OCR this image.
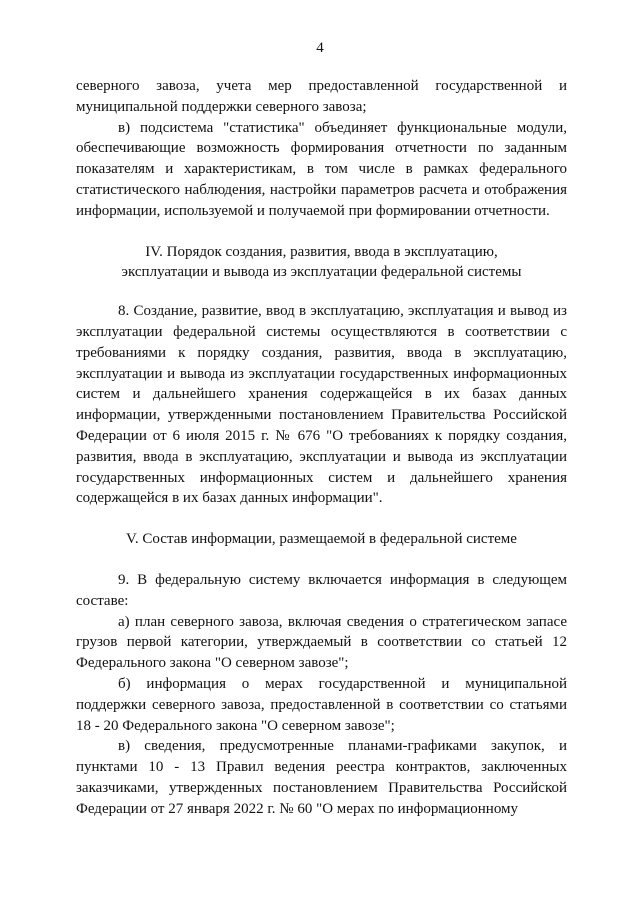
4

северного завоза, учета мер предоставленной государственной и муниципальной поддержки северного завоза;

в) подсистема "статистика" объединяет функциональные модули, обеспечивающие возможность формирования отчетности по заданным показателям и характеристикам, в том числе в рамках федерального статистического наблюдения, настройки параметров расчета и отображения информации, используемой и получаемой при формировании отчетности.

IV. Порядок создания, развития, ввода в эксплуатацию,
эксплуатации и вывода из эксплуатации федеральной системы

8. Создание, развитие, ввод в эксплуатацию, эксплуатация и вывод из эксплуатации федеральной системы осуществляются в соответствии с требованиями к порядку создания, развития, ввода в эксплуатацию, эксплуатации и вывода из эксплуатации государственных информационных систем и дальнейшего хранения содержащейся в их базах данных информации, утвержденными постановлением Правительства Российской Федерации от 6 июля 2015 г. № 676 "О требованиях к порядку создания, развития, ввода в эксплуатацию, эксплуатации и вывода из эксплуатации государственных информационных систем и дальнейшего хранения содержащейся в их базах данных информации".

V. Состав информации, размещаемой в федеральной системе

9. В федеральную систему включается информация в следующем составе:

а) план северного завоза, включая сведения о стратегическом запасе грузов первой категории, утверждаемый в соответствии со статьей 12 Федерального закона "О северном завозе";

б) информация о мерах государственной и муниципальной поддержки северного завоза, предоставленной в соответствии со статьями 18 - 20 Федерального закона "О северном завозе";

в) сведения, предусмотренные планами-графиками закупок, и пунктами 10 - 13 Правил ведения реестра контрактов, заключенных заказчиками, утвержденных постановлением Правительства Российской Федерации от 27 января 2022 г. № 60 "О мерах по информационному
